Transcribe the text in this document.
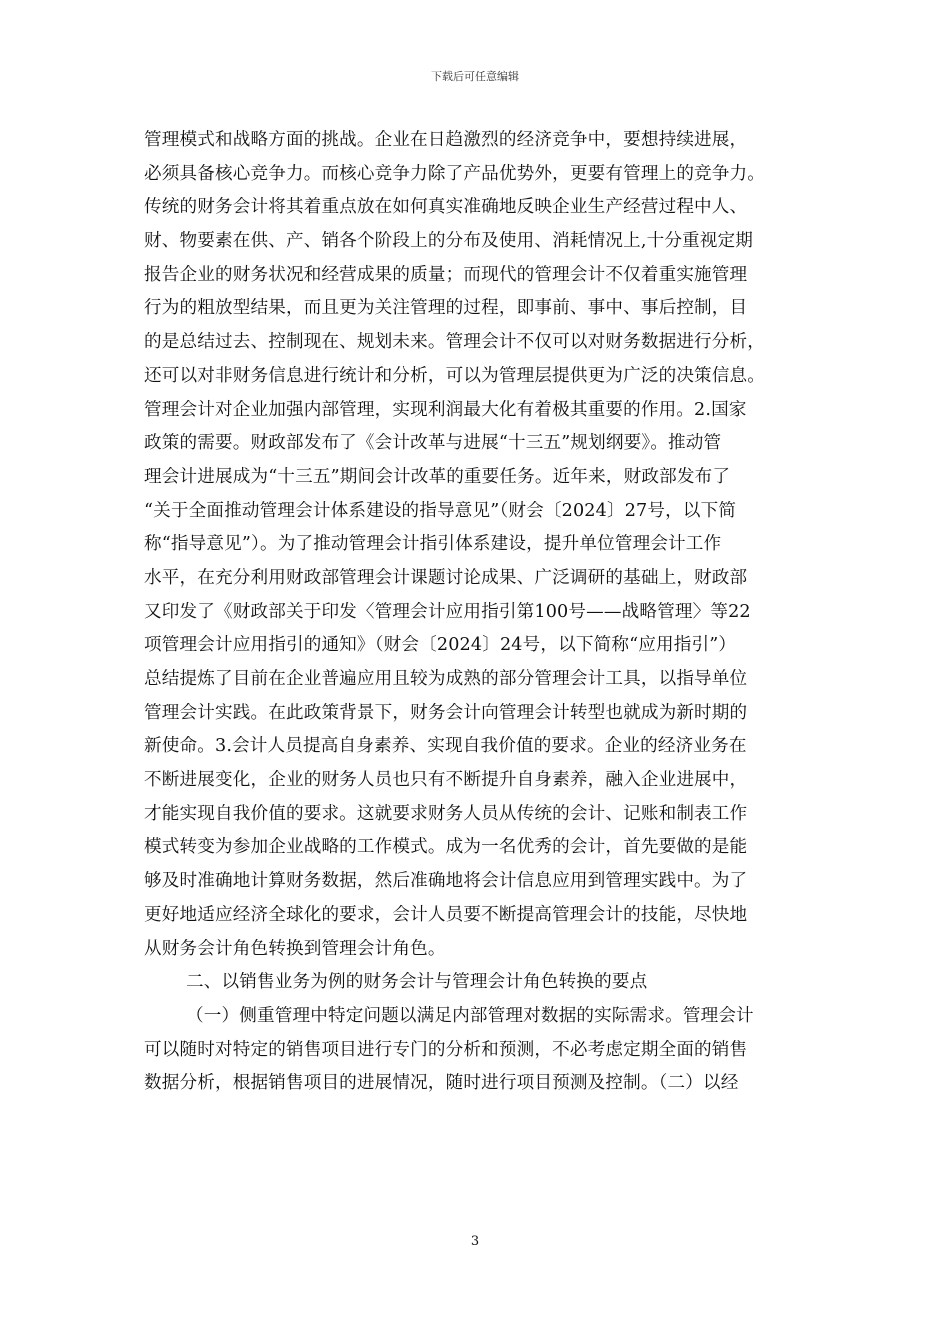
下载后可任意编辑
管理模式和战略方面的挑战。企业在日趋激烈的经济竞争中，要想持续进展，
必须具备核心竞争力。而核心竞争力除了产品优势外，更要有管理上的竞争力。
传统的财务会计将其着重点放在如何真实准确地反映企业生产经营过程中人、
财、物要素在供、产、销各个阶段上的分布及使用、消耗情况上,十分重视定期
报告企业的财务状况和经营成果的质量；而现代的管理会计不仅着重实施管理
行为的粗放型结果，而且更为关注管理的过程，即事前、事中、事后控制，目
的是总结过去、控制现在、规划未来。管理会计不仅可以对财务数据进行分析，
还可以对非财务信息进行统计和分析，可以为管理层提供更为广泛的决策信息。
管理会计对企业加强内部管理，实现利润最大化有着极其重要的作用。2.国家
政策的需要。财政部发布了《会计改革与进展“十三五”规划纲要》。推动管
理会计进展成为“十三五”期间会计改革的重要任务。近年来，财政部发布了
“关于全面推动管理会计体系建设的指导意见”（财会〔2024〕27号，以下简
称“指导意见”）。为了推动管理会计指引体系建设，提升单位管理会计工作
水平，在充分利用财政部管理会计课题讨论成果、广泛调研的基础上，财政部
又印发了《财政部关于印发〈管理会计应用指引第100号——战略管理〉等22
项管理会计应用指引的通知》（财会〔2024〕24号，以下简称“应用指引”）
总结提炼了目前在企业普遍应用且较为成熟的部分管理会计工具，以指导单位
管理会计实践。在此政策背景下，财务会计向管理会计转型也就成为新时期的
新使命。3.会计人员提高自身素养、实现自我价值的要求。企业的经济业务在
不断进展变化，企业的财务人员也只有不断提升自身素养，融入企业进展中，
才能实现自我价值的要求。这就要求财务人员从传统的会计、记账和制表工作
模式转变为参加企业战略的工作模式。成为一名优秀的会计，首先要做的是能
够及时准确地计算财务数据，然后准确地将会计信息应用到管理实践中。为了
更好地适应经济全球化的要求，会计人员要不断提高管理会计的技能，尽快地
从财务会计角色转换到管理会计角色。
二、以销售业务为例的财务会计与管理会计角色转换的要点
（一）侧重管理中特定问题以满足内部管理对数据的实际需求。管理会计
可以随时对特定的销售项目进行专门的分析和预测，不必考虑定期全面的销售
数据分析，根据销售项目的进展情况，随时进行项目预测及控制。（二）以经
3
